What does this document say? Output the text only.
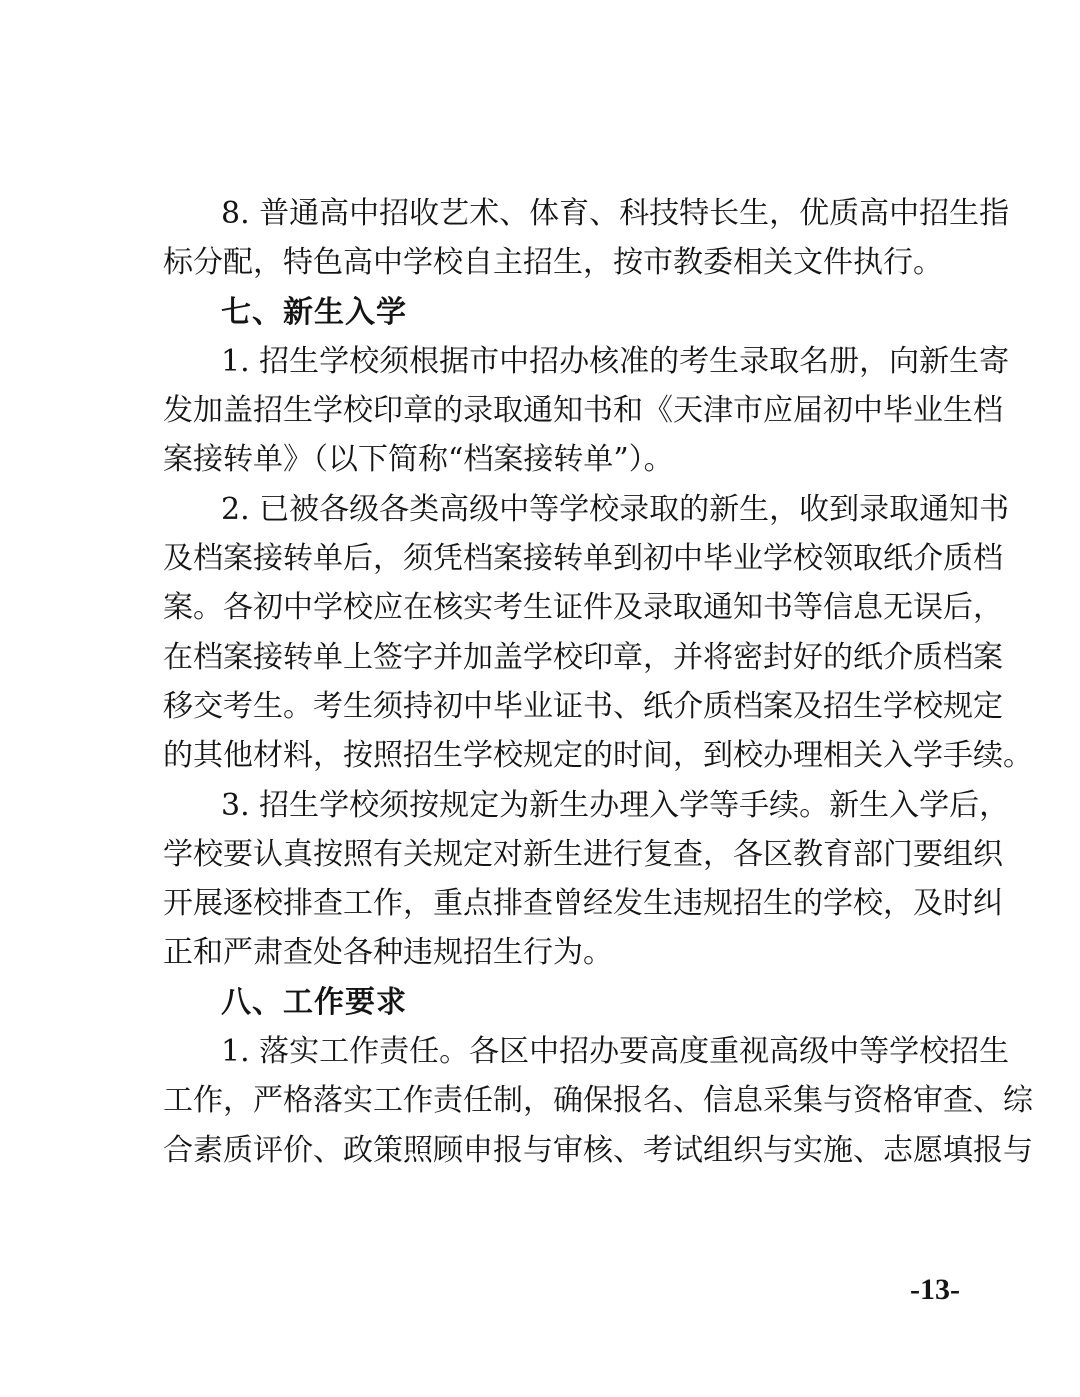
8. 普通高中招收艺术、体育、科技特长生，优质高中招生指
标分配，特色高中学校自主招生，按市教委相关文件执行。
七、新生入学
1. 招生学校须根据市中招办核准的考生录取名册，向新生寄
发加盖招生学校印章的录取通知书和《天津市应届初中毕业生档
案接转单》（以下简称“档案接转单”）。
2. 已被各级各类高级中等学校录取的新生，收到录取通知书
及档案接转单后，须凭档案接转单到初中毕业学校领取纸介质档
案。各初中学校应在核实考生证件及录取通知书等信息无误后，
在档案接转单上签字并加盖学校印章，并将密封好的纸介质档案
移交考生。考生须持初中毕业证书、纸介质档案及招生学校规定
的其他材料，按照招生学校规定的时间，到校办理相关入学手续。
3. 招生学校须按规定为新生办理入学等手续。新生入学后，
学校要认真按照有关规定对新生进行复查，各区教育部门要组织
开展逐校排查工作，重点排查曾经发生违规招生的学校，及时纠
正和严肃查处各种违规招生行为。
八、工作要求
1. 落实工作责任。各区中招办要高度重视高级中等学校招生
工作，严格落实工作责任制，确保报名、信息采集与资格审查、综
合素质评价、政策照顾申报与审核、考试组织与实施、志愿填报与
-13-
